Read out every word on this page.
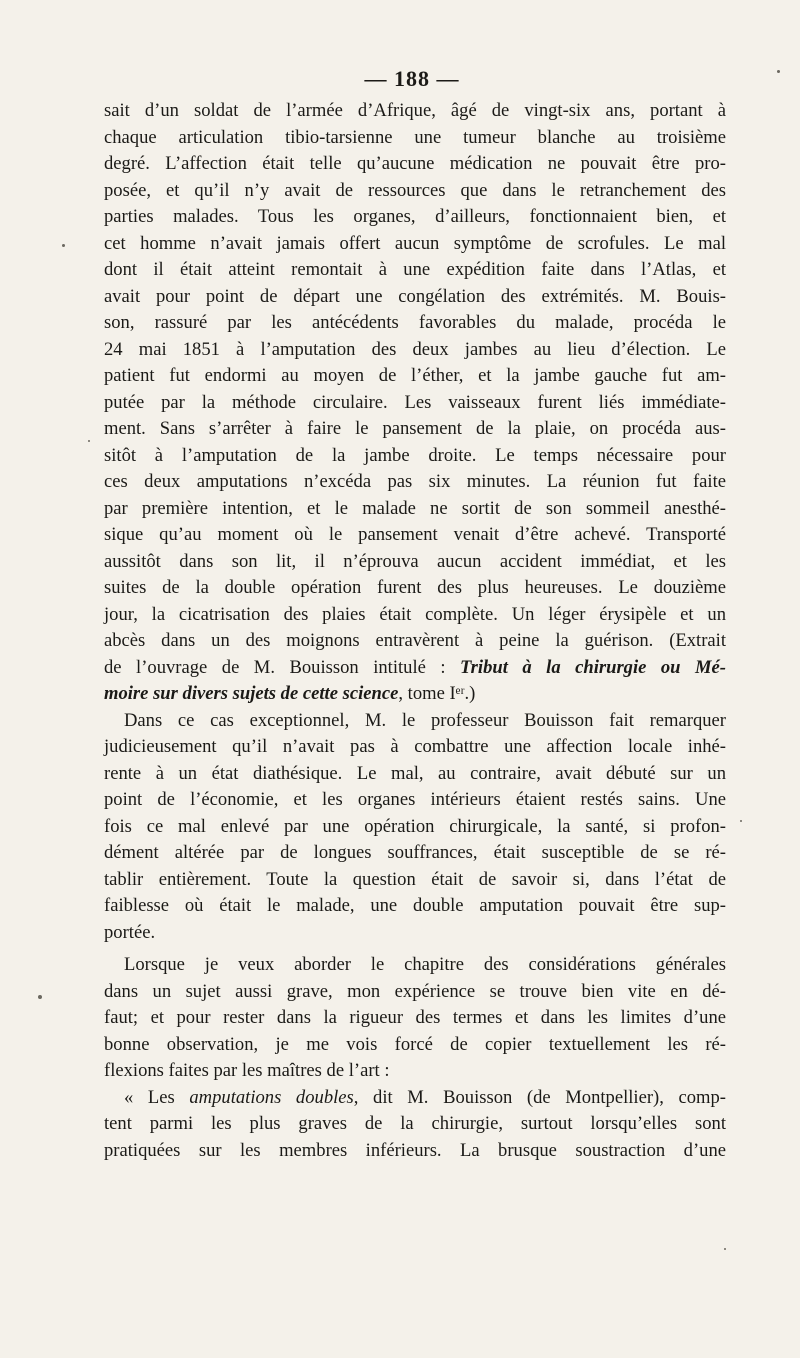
— 188 —
sait d’un soldat de l’armée d’Afrique, âgé de vingt-six ans, portant à
chaque articulation tibio-tarsienne une tumeur blanche au troisième
degré. L’affection était telle qu’aucune médication ne pouvait être pro-
posée, et qu’il n’y avait de ressources que dans le retranchement des
parties malades. Tous les organes, d’ailleurs, fonctionnaient bien, et
cet homme n’avait jamais offert aucun symptôme de scrofules. Le mal
dont il était atteint remontait à une expédition faite dans l’Atlas, et
avait pour point de départ une congélation des extrémités. M. Bouis-
son, rassuré par les antécédents favorables du malade, procéda le
24 mai 1851 à l’amputation des deux jambes au lieu d’élection. Le
patient fut endormi au moyen de l’éther, et la jambe gauche fut am-
putée par la méthode circulaire. Les vaisseaux furent liés immédiate-
ment. Sans s’arrêter à faire le pansement de la plaie, on procéda aus-
sitôt à l’amputation de la jambe droite. Le temps nécessaire pour
ces deux amputations n’excéda pas six minutes. La réunion fut faite
par première intention, et le malade ne sortit de son sommeil anesthé-
sique qu’au moment où le pansement venait d’être achevé. Transporté
aussitôt dans son lit, il n’éprouva aucun accident immédiat, et les
suites de la double opération furent des plus heureuses. Le douzième
jour, la cicatrisation des plaies était complète. Un léger érysipèle et un
abcès dans un des moignons entravèrent à peine la guérison. (Extrait
de l’ouvrage de M. Bouisson intitulé : Tribut à la chirurgie ou Mé-
moire sur divers sujets de cette science, tome Iᵉʳ.)
Dans ce cas exceptionnel, M. le professeur Bouisson fait remarquer
judicieusement qu’il n’avait pas à combattre une affection locale inhé-
rente à un état diathésique. Le mal, au contraire, avait débuté sur un
point de l’économie, et les organes intérieurs étaient restés sains. Une
fois ce mal enlevé par une opération chirurgicale, la santé, si profon-
dément altérée par de longues souffrances, était susceptible de se ré-
tablir entièrement. Toute la question était de savoir si, dans l’état de
faiblesse où était le malade, une double amputation pouvait être sup-
portée.
Lorsque je veux aborder le chapitre des considérations générales
dans un sujet aussi grave, mon expérience se trouve bien vite en dé-
faut; et pour rester dans la rigueur des termes et dans les limites d’une
bonne observation, je me vois forcé de copier textuellement les ré-
flexions faites par les maîtres de l’art :
« Les amputations doubles, dit M. Bouisson (de Montpellier), comp-
tent parmi les plus graves de la chirurgie, surtout lorsqu’elles sont
pratiquées sur les membres inférieurs. La brusque soustraction d’une
